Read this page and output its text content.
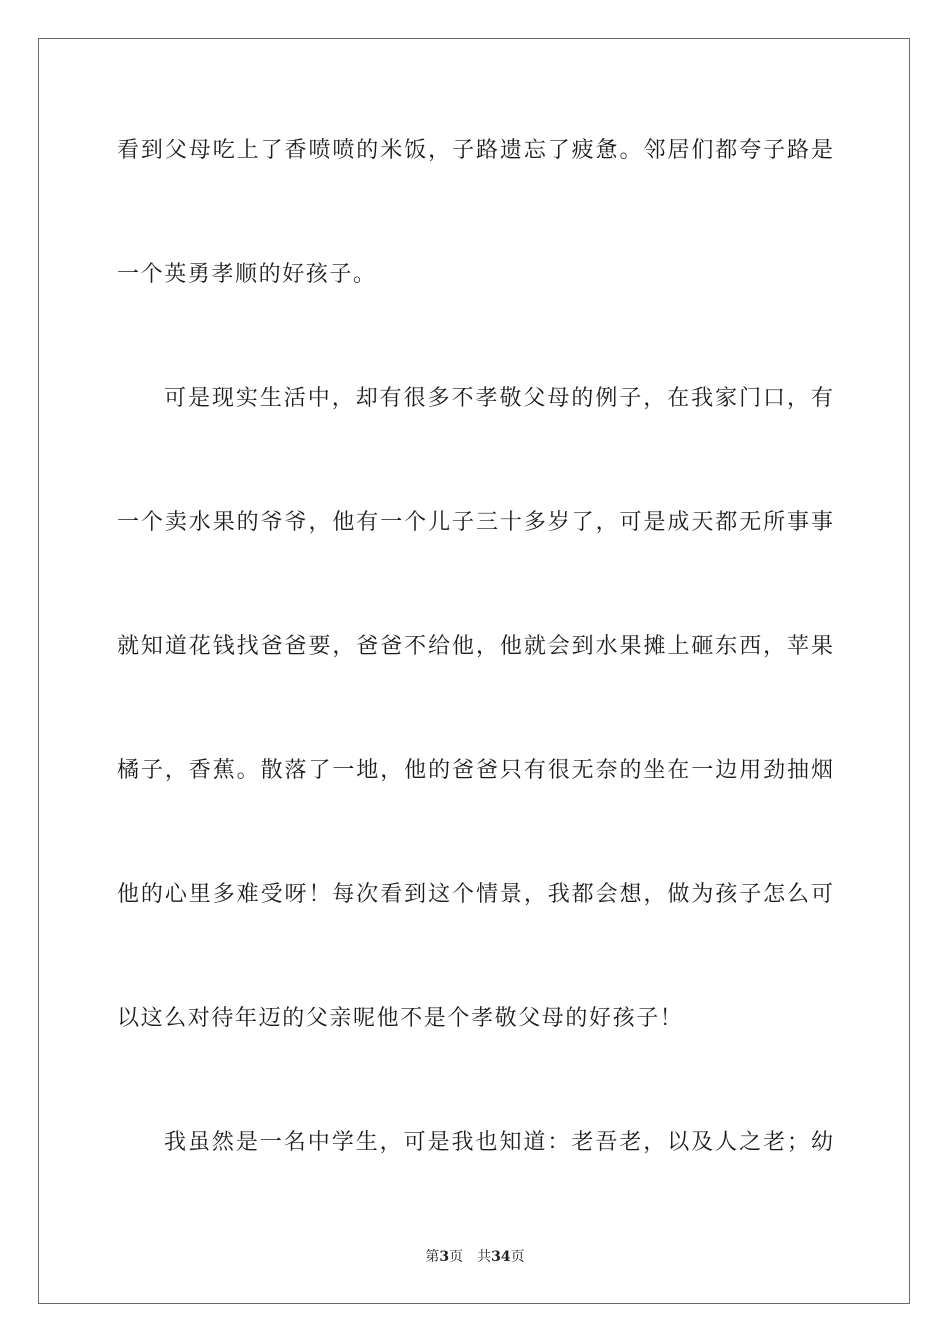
看到父母吃上了香喷喷的米饭，子路遗忘了疲惫。邻居们都夸子路是
一个英勇孝顺的好孩子。
可是现实生活中，却有很多不孝敬父母的例子，在我家门口，有
一个卖水果的爷爷，他有一个儿子三十多岁了，可是成天都无所事事
就知道花钱找爸爸要，爸爸不给他，他就会到水果摊上砸东西，苹果
橘子，香蕉。散落了一地，他的爸爸只有很无奈的坐在一边用劲抽烟
他的心里多难受呀！每次看到这个情景，我都会想，做为孩子怎么可
以这么对待年迈的父亲呢他不是个孝敬父母的好孩子！
我虽然是一名中学生，可是我也知道：老吾老，以及人之老；幼
第3页 共34页
